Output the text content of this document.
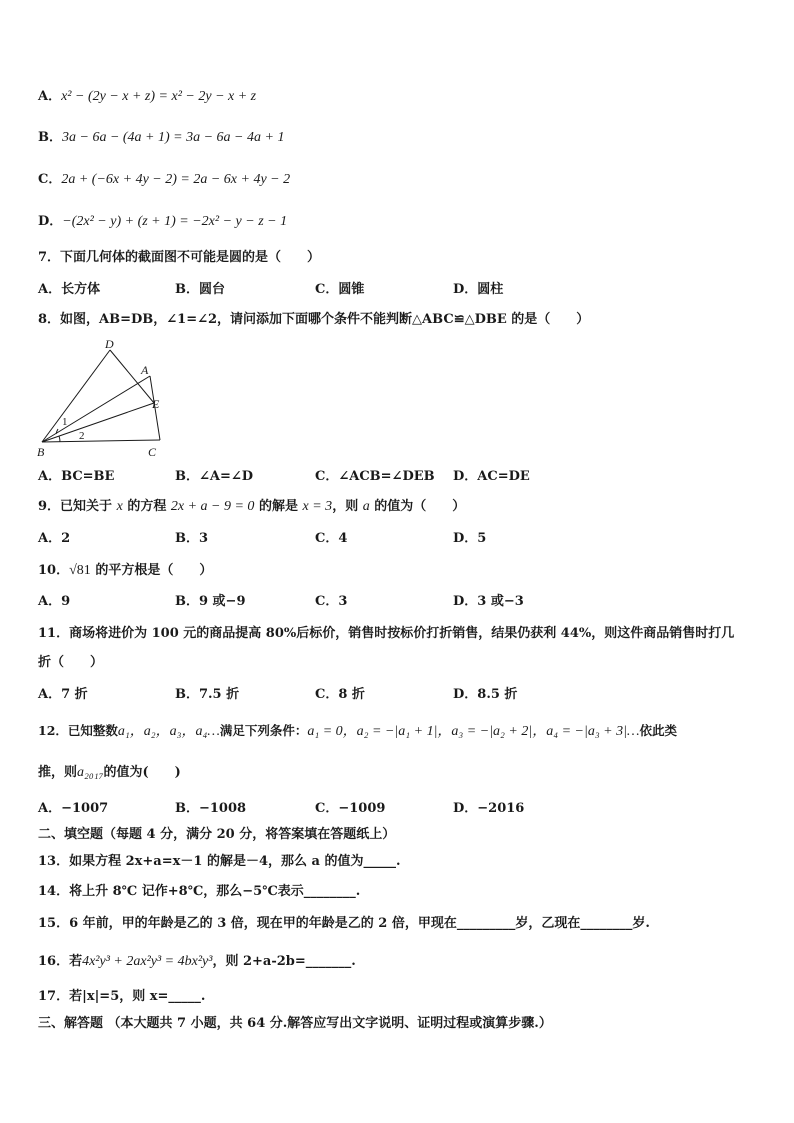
A．x² − (2y − x + z) = x² − 2y − x + z
B．3a − 6a − (4a + 1) = 3a − 6a − 4a + 1
C．2a + (−6x + 4y − 2) = 2a − 6x + 4y − 2
D．−(2x² − y) + (z + 1) = −2x² − y − z − 1
7．下面几何体的截面图不可能是圆的是（　　）
A．长方体	B．圆台	C．圆锥	D．圆柱
8．如图，AB=DB，∠1=∠2，请问添加下面哪个条件不能判断△ABC≌△DBE 的是（　　）
D
A
E
B	C
1
2
A．BC=BE	B．∠A=∠D	C．∠ACB=∠DEB D．AC=DE
9．已知关于 x 的方程 2x + a − 9 = 0 的解是 x = 3，则 a 的值为（　　）
A．2	B．3	C．4	D．5
10．√81 的平方根是（　　）
A．9	B．9 或−9	C．3	D．3 或−3
11．商场将进价为 100 元的商品提高 80%后标价，销售时按标价打折销售，结果仍获利 44%，则这件商品销售时打几
折（　　）
A．7 折	B．7.5 折	C．8 折	D．8.5 折
12．已知整数a₁，a₂，a₃，a₄…满足下列条件：a₁ = 0，a₂ = −|a₁ + 1|，a₃ = −|a₂ + 2|，a₄ = −|a₃ + 3|…依此类
推，则a₂₀₁₇的值为(　　)
A．−1007	B．−1008	C．−1009	D．−2016
二、填空题（每题 4 分，满分 20 分，将答案填在答题纸上）
13．如果方程 2x+a=x－1 的解是－4，那么 a 的值为_____.
14．将上升 8℃ 记作+8℃，那么−5℃表示________.
15．6 年前，甲的年龄是乙的 3 倍，现在甲的年龄是乙的 2 倍，甲现在_________岁，乙现在________岁.
16．若4x²y³ + 2ax²y³ = 4bx²y³，则 2+a-2b=_______.
17．若|x|=5，则 x=_____.
三、解答题 （本大题共 7 小题，共 64 分.解答应写出文字说明、证明过程或演算步骤.）
